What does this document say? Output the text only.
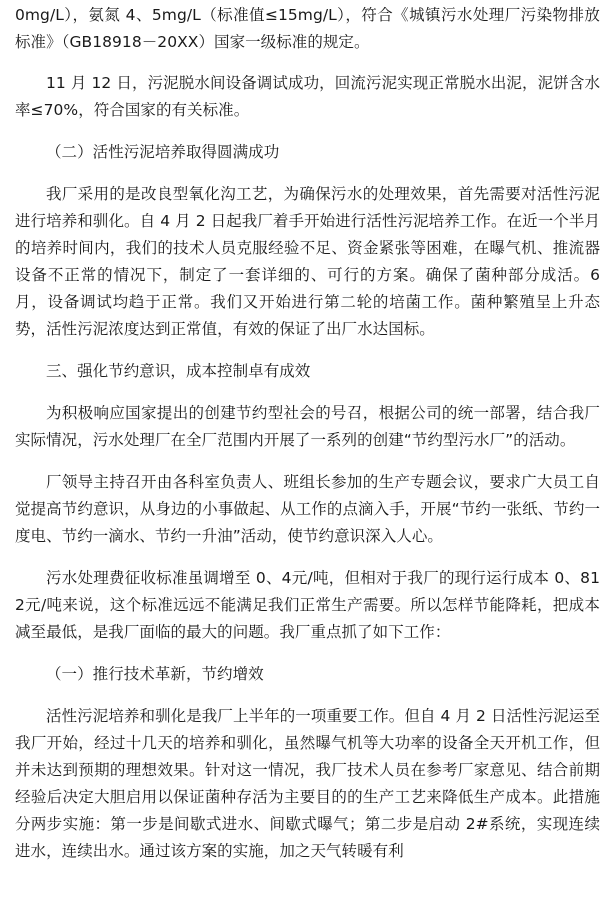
0mg/L），氨氮 4、5mg/L（标准值≤15mg/L），符合《城镇污水处理厂污染物排放标准》（GB18918－20XX）国家一级标准的规定。

11 月 12 日，污泥脱水间设备调试成功，回流污泥实现正常脱水出泥，泥饼含水率≤70%，符合国家的有关标准。

（二）活性污泥培养取得圆满成功

我厂采用的是改良型氧化沟工艺，为确保污水的处理效果，首先需要对活性污泥进行培养和驯化。自 4 月 2 日起我厂着手开始进行活性污泥培养工作。在近一个半月的培养时间内，我们的技术人员克服经验不足、资金紧张等困难，在曝气机、推流器设备不正常的情况下，制定了一套详细的、可行的方案。确保了菌种部分成活。6 月，设备调试均趋于正常。我们又开始进行第二轮的培菌工作。菌种繁殖呈上升态势，活性污泥浓度达到正常值，有效的保证了出厂水达国标。

三、强化节约意识，成本控制卓有成效

为积极响应国家提出的创建节约型社会的号召，根据公司的统一部署，结合我厂实际情况，污水处理厂在全厂范围内开展了一系列的创建“节约型污水厂”的活动。

厂领导主持召开由各科室负责人、班组长参加的生产专题会议，要求广大员工自觉提高节约意识，从身边的小事做起、从工作的点滴入手，开展“节约一张纸、节约一度电、节约一滴水、节约一升油”活动，使节约意识深入人心。

污水处理费征收标准虽调增至 0、4元/吨，但相对于我厂的现行运行成本 0、812元/吨来说，这个标准远远不能满足我们正常生产需要。所以怎样节能降耗，把成本减至最低，是我厂面临的最大的问题。我厂重点抓了如下工作：

（一）推行技术革新，节约增效

活性污泥培养和驯化是我厂上半年的一项重要工作。但自 4 月 2 日活性污泥运至我厂开始，经过十几天的培养和驯化，虽然曝气机等大功率的设备全天开机工作，但并未达到预期的理想效果。针对这一情况，我厂技术人员在参考厂家意见、结合前期经验后决定大胆启用以保证菌种存活为主要目的的生产工艺来降低生产成本。此措施分两步实施：第一步是间歇式进水、间歇式曝气；第二步是启动 2#系统，实现连续进水，连续出水。通过该方案的实施，加之天气转暖有利
